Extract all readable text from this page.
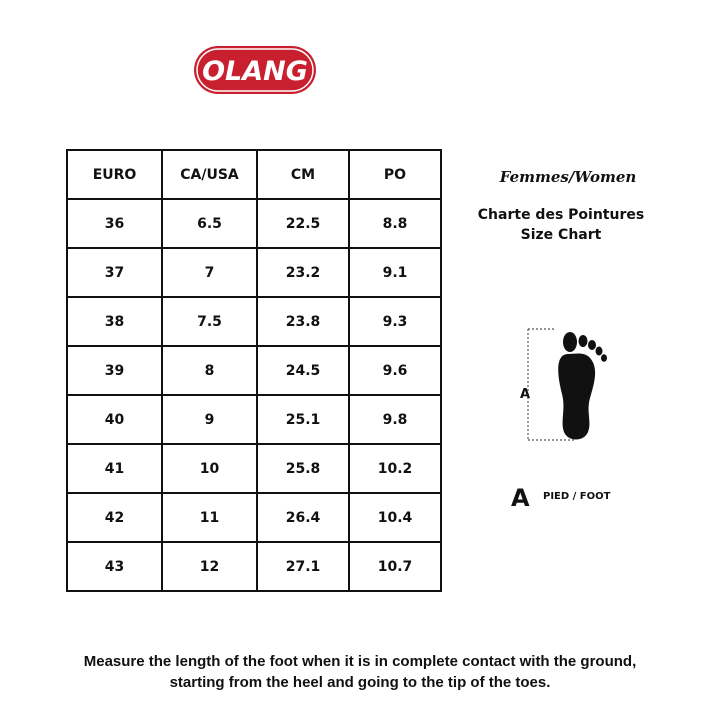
OLANG
EURO	CA/USA	CM	PO
36	6.5	22.5	8.8
37	7	23.2	9.1
38	7.5	23.8	9.3
39	8	24.5	9.6
40	9	25.1	9.8
41	10	25.8	10.2
42	11	26.4	10.4
43	12	27.1	10.7
Femmes/Women
Charte des Pointures
Size Chart
A
A PIED / FOOT
Measure the length of the foot when it is in complete contact with the ground,
starting from the heel and going to the tip of the toes.
